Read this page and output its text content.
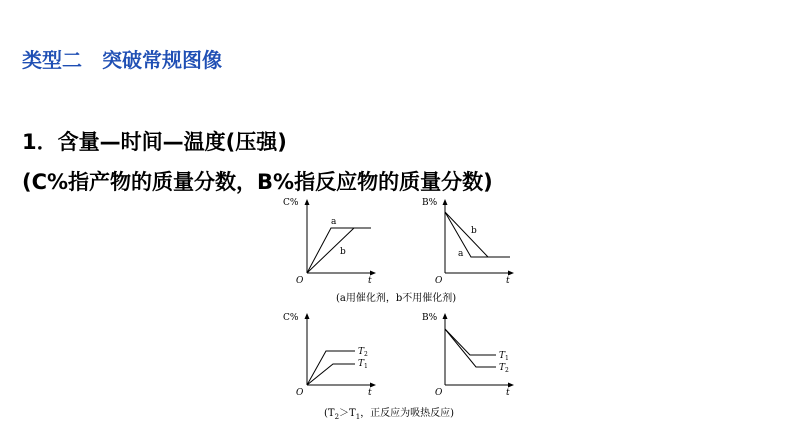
类型二　突破常规图像
1．含量—时间—温度(压强)
(C%指产物的质量分数，B%指反应物的质量分数)
C%
O	t
a
b
B%
O	t
a
b
(a用催化剂，b不用催化剂)
C%
O	t
$T_2$
$T_1$
B%
O	t
$T_1$
$T_2$
($T_2>T_1$，正反应为吸热反应)
